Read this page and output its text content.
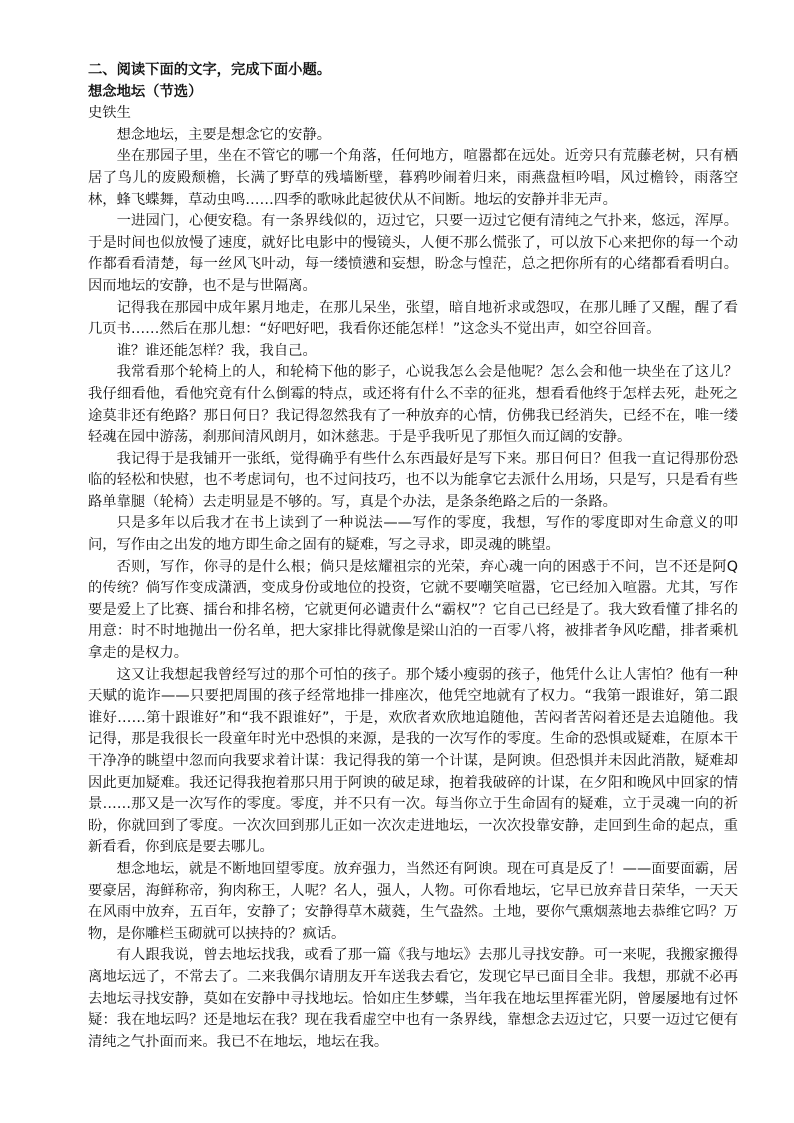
二、阅读下面的文字，完成下面小题。

想念地坛（节选）

史铁生

想念地坛，主要是想念它的安静。

坐在那园子里，坐在不管它的哪一个角落，任何地方，喧嚣都在远处。近旁只有荒藤老树，只有栖居了鸟儿的废殿颓檐，长满了野草的残墙断壁，暮鸦吵闹着归来，雨燕盘桓吟唱，风过檐铃，雨落空林，蜂飞蝶舞，草动虫鸣……四季的歌咏此起彼伏从不间断。地坛的安静并非无声。

一进园门，心便安稳。有一条界线似的，迈过它，只要一迈过它便有清纯之气扑来，悠远，浑厚。于是时间也似放慢了速度，就好比电影中的慢镜头，人便不那么慌张了，可以放下心来把你的每一个动作都看看清楚，每一丝风飞叶动，每一缕愤懑和妄想，盼念与惶茫，总之把你所有的心绪都看看明白。因而地坛的安静，也不是与世隔离。

记得我在那园中成年累月地走，在那儿呆坐，张望，暗自地祈求或怨叹，在那儿睡了又醒，醒了看几页书……然后在那儿想：“好吧好吧，我看你还能怎样！”这念头不觉出声，如空谷回音。

谁？谁还能怎样？我，我自己。

我常看那个轮椅上的人，和轮椅下他的影子，心说我怎么会是他呢？怎么会和他一块坐在了这儿？我仔细看他，看他究竟有什么倒霉的特点，或还将有什么不幸的征兆，想看看他终于怎样去死，赴死之途莫非还有绝路？那日何日？我记得忽然我有了一种放弃的心情，仿佛我已经消失，已经不在，唯一缕轻魂在园中游荡，刹那间清风朗月，如沐慈悲。于是乎我听见了那恒久而辽阔的安静。

我记得于是我铺开一张纸，觉得确乎有些什么东西最好是写下来。那日何日？但我一直记得那份恐临的轻松和快慰，也不考虑词句，也不过问技巧，也不以为能拿它去派什么用场，只是写，只是看有些路单靠腿（轮椅）去走明显是不够的。写，真是个办法，是条条绝路之后的一条路。

只是多年以后我才在书上读到了一种说法——写作的零度，我想，写作的零度即对生命意义的叩问，写作由之出发的地方即生命之固有的疑难，写之寻求，即灵魂的眺望。

否则，写作，你寻的是什么根；倘只是炫耀祖宗的光荣，弃心魂一向的困惑于不问，岂不还是阿Q的传统？倘写作变成潇洒，变成身份或地位的投资，它就不要嘲笑喧嚣，它已经加入喧嚣。尤其，写作要是爱上了比赛、擂台和排名榜，它就更何必谴责什么“霸权”？它自己已经是了。我大致看懂了排名的用意：时不时地抛出一份名单，把大家排比得就像是梁山泊的一百零八将，被排者争风吃醋，排者乘机拿走的是权力。

这又让我想起我曾经写过的那个可怕的孩子。那个矮小瘦弱的孩子，他凭什么让人害怕？他有一种天赋的诡诈——只要把周围的孩子经常地排一排座次，他凭空地就有了权力。“我第一跟谁好，第二跟谁好……第十跟谁好”和“我不跟谁好”，于是，欢欣者欢欣地追随他，苦闷者苦闷着还是去追随他。我记得，那是我很长一段童年时光中恐惧的来源，是我的一次写作的零度。生命的恐惧或疑难，在原本干干净净的眺望中忽而向我要求着计谋：我记得我的第一个计谋，是阿谀。但恐惧并未因此消散，疑难却因此更加疑难。我还记得我抱着那只用于阿谀的破足球，抱着我破碎的计谋，在夕阳和晚风中回家的情景……那又是一次写作的零度。零度，并不只有一次。每当你立于生命固有的疑难，立于灵魂一向的祈盼，你就回到了零度。一次次回到那儿正如一次次走进地坛，一次次投靠安静，走回到生命的起点，重新看看，你到底是要去哪儿。

想念地坛，就是不断地回望零度。放弃强力，当然还有阿谀。现在可真是反了！——面要面霸，居要豪居，海鲜称帝，狗肉称王，人呢？名人，强人，人物。可你看地坛，它早已放弃昔日荣华，一天天在风雨中放弃，五百年，安静了；安静得草木葳蕤，生气盎然。土地，要你气熏烟蒸地去恭维它吗？万物，是你雕栏玉砌就可以挟持的？疯话。

有人跟我说，曾去地坛找我，或看了那一篇《我与地坛》去那儿寻找安静。可一来呢，我搬家搬得离地坛远了，不常去了。二来我偶尔请朋友开车送我去看它，发现它早已面目全非。我想，那就不必再去地坛寻找安静，莫如在安静中寻找地坛。恰如庄生梦蝶，当年我在地坛里挥霍光阴，曾屡屡地有过怀疑：我在地坛吗？还是地坛在我？现在我看虚空中也有一条界线，靠想念去迈过它，只要一迈过它便有清纯之气扑面而来。我已不在地坛，地坛在我。
